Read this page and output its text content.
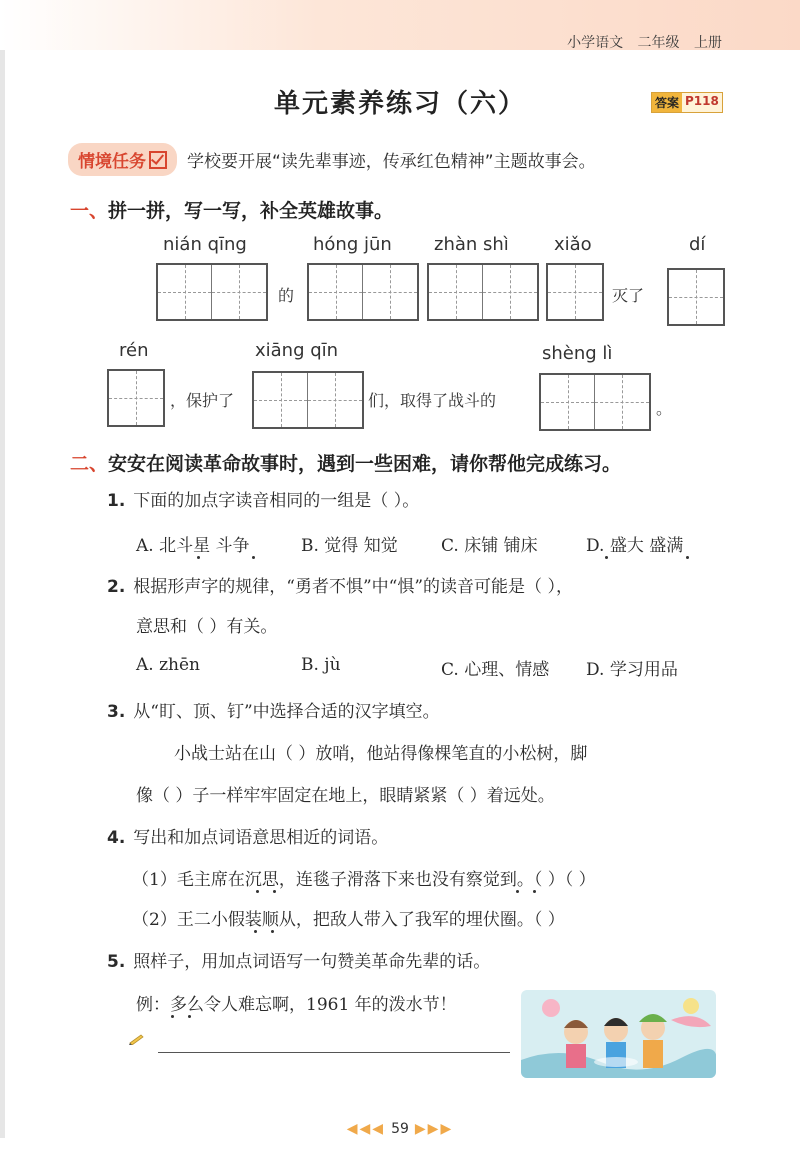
小学语文 二年级 上册
单元素养练习（六）	答案 P118
情境任务 学校要开展“读先辈事迹，传承红色精神”主题故事会。
一、拼一拼，写一写，补全英雄故事。
nián qīng	hóng jūn zhàn shì	xiǎo	dí
的	灭了
rén	xiāng qīn	shèng lì
，保护了	们，取得了战斗的	。
二、安安在阅读革命故事时，遇到一些困难，请你帮他完成练习。
1. 下面的加点字读音相同的一组是（ ）。
A. 北斗星 斗争	B. 觉得 知觉	C. 床铺 铺床	D. 盛大 盛满
2. 根据形声字的规律，“勇者不惧”中“惧”的读音可能是（ ），
意思和（ ）有关。
A. zhēn	B. jù	C. 心理、情感 D. 学习用品
3. 从“盯、顶、钉”中选择合适的汉字填空。
小战士站在山（ ）放哨，他站得像棵笔直的小松树，脚
像（ ）子一样牢牢固定在地上，眼睛紧紧（ ）着远处。
4. 写出和加点词语意思相近的词语。
（1）毛主席在沉思，连毯子滑落下来也没有察觉到。（ ）（ ）
（2）王二小假装顺从，把敌人带入了我军的埋伏圈。（ ）
5. 照样子，用加点词语写一句赞美革命先辈的话。
例：多么令人难忘啊，1961 年的泼水节！
◀◀◀ 59 ▶▶▶
